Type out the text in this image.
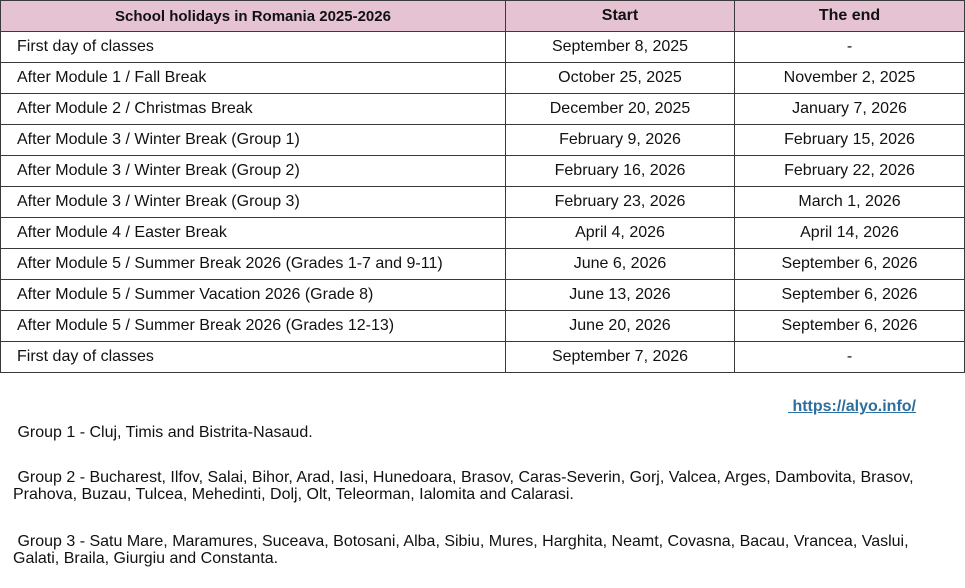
School holidays in Romania 2025-2026	Start	The end
First day of classes	September 8, 2025	-
After Module 1 / Fall Break	October 25, 2025	November 2, 2025
After Module 2 / Christmas Break	December 20, 2025	January 7, 2026
After Module 3 / Winter Break (Group 1)	February 9, 2026	February 15, 2026
After Module 3 / Winter Break (Group 2)	February 16, 2026	February 22, 2026
After Module 3 / Winter Break (Group 3)	February 23, 2026	March 1, 2026
After Module 4 / Easter Break	April 4, 2026	April 14, 2026
After Module 5 / Summer Break 2026 (Grades 1-7 and 9-11)	June 6, 2026	September 6, 2026
After Module 5 / Summer Vacation 2026 (Grade 8)	June 13, 2026	September 6, 2026
After Module 5 / Summer Break 2026 (Grades 12-13)	June 20, 2026	September 6, 2026
First day of classes	September 7, 2026	-
https://alyo.info/
Group 1 - Cluj, Timis and Bistrita-Nasaud.
Group 2 - Bucharest, Ilfov, Salai, Bihor, Arad, Iasi, Hunedoara, Brasov, Caras-Severin, Gorj, Valcea, Arges, Dambovita, Brasov, Prahova, Buzau, Tulcea, Mehedinti, Dolj, Olt, Teleorman, Ialomita and Calarasi.
Group 3 - Satu Mare, Maramures, Suceava, Botosani, Alba, Sibiu, Mures, Harghita, Neamt, Covasna, Bacau, Vrancea, Vaslui, Galati, Braila, Giurgiu and Constanta.
